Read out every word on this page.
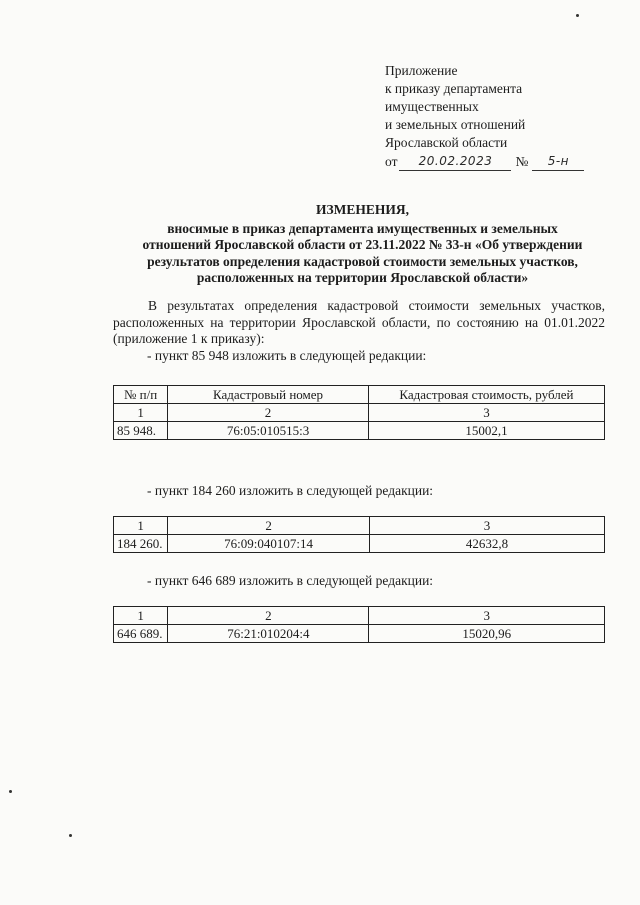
Приложение
к приказу департамента
имущественных
и земельных отношений
Ярославской области
от	20.02.2023	№	5-н
ИЗМЕНЕНИЯ,
вносимые в приказ департамента имущественных и земельных
отношений Ярославской области от 23.11.2022 № 33-н «Об утверждении
результатов определения кадастровой стоимости земельных участков,
расположенных на территории Ярославской области»
В результатах определения кадастровой стоимости земельных участков, расположенных на территории Ярославской области, по состоянию на 01.01.2022 (приложение 1 к приказу):
- пункт 85 948 изложить в следующей редакции:
№ п/п	Кадастровый номер	Кадастровая стоимость, рублей
1	2	3
85 948.	76:05:010515:3	15002,1
- пункт 184 260 изложить в следующей редакции:
1	2	3
184 260.	76:09:040107:14	42632,8
- пункт 646 689 изложить в следующей редакции:
1	2	3
646 689.	76:21:010204:4	15020,96
